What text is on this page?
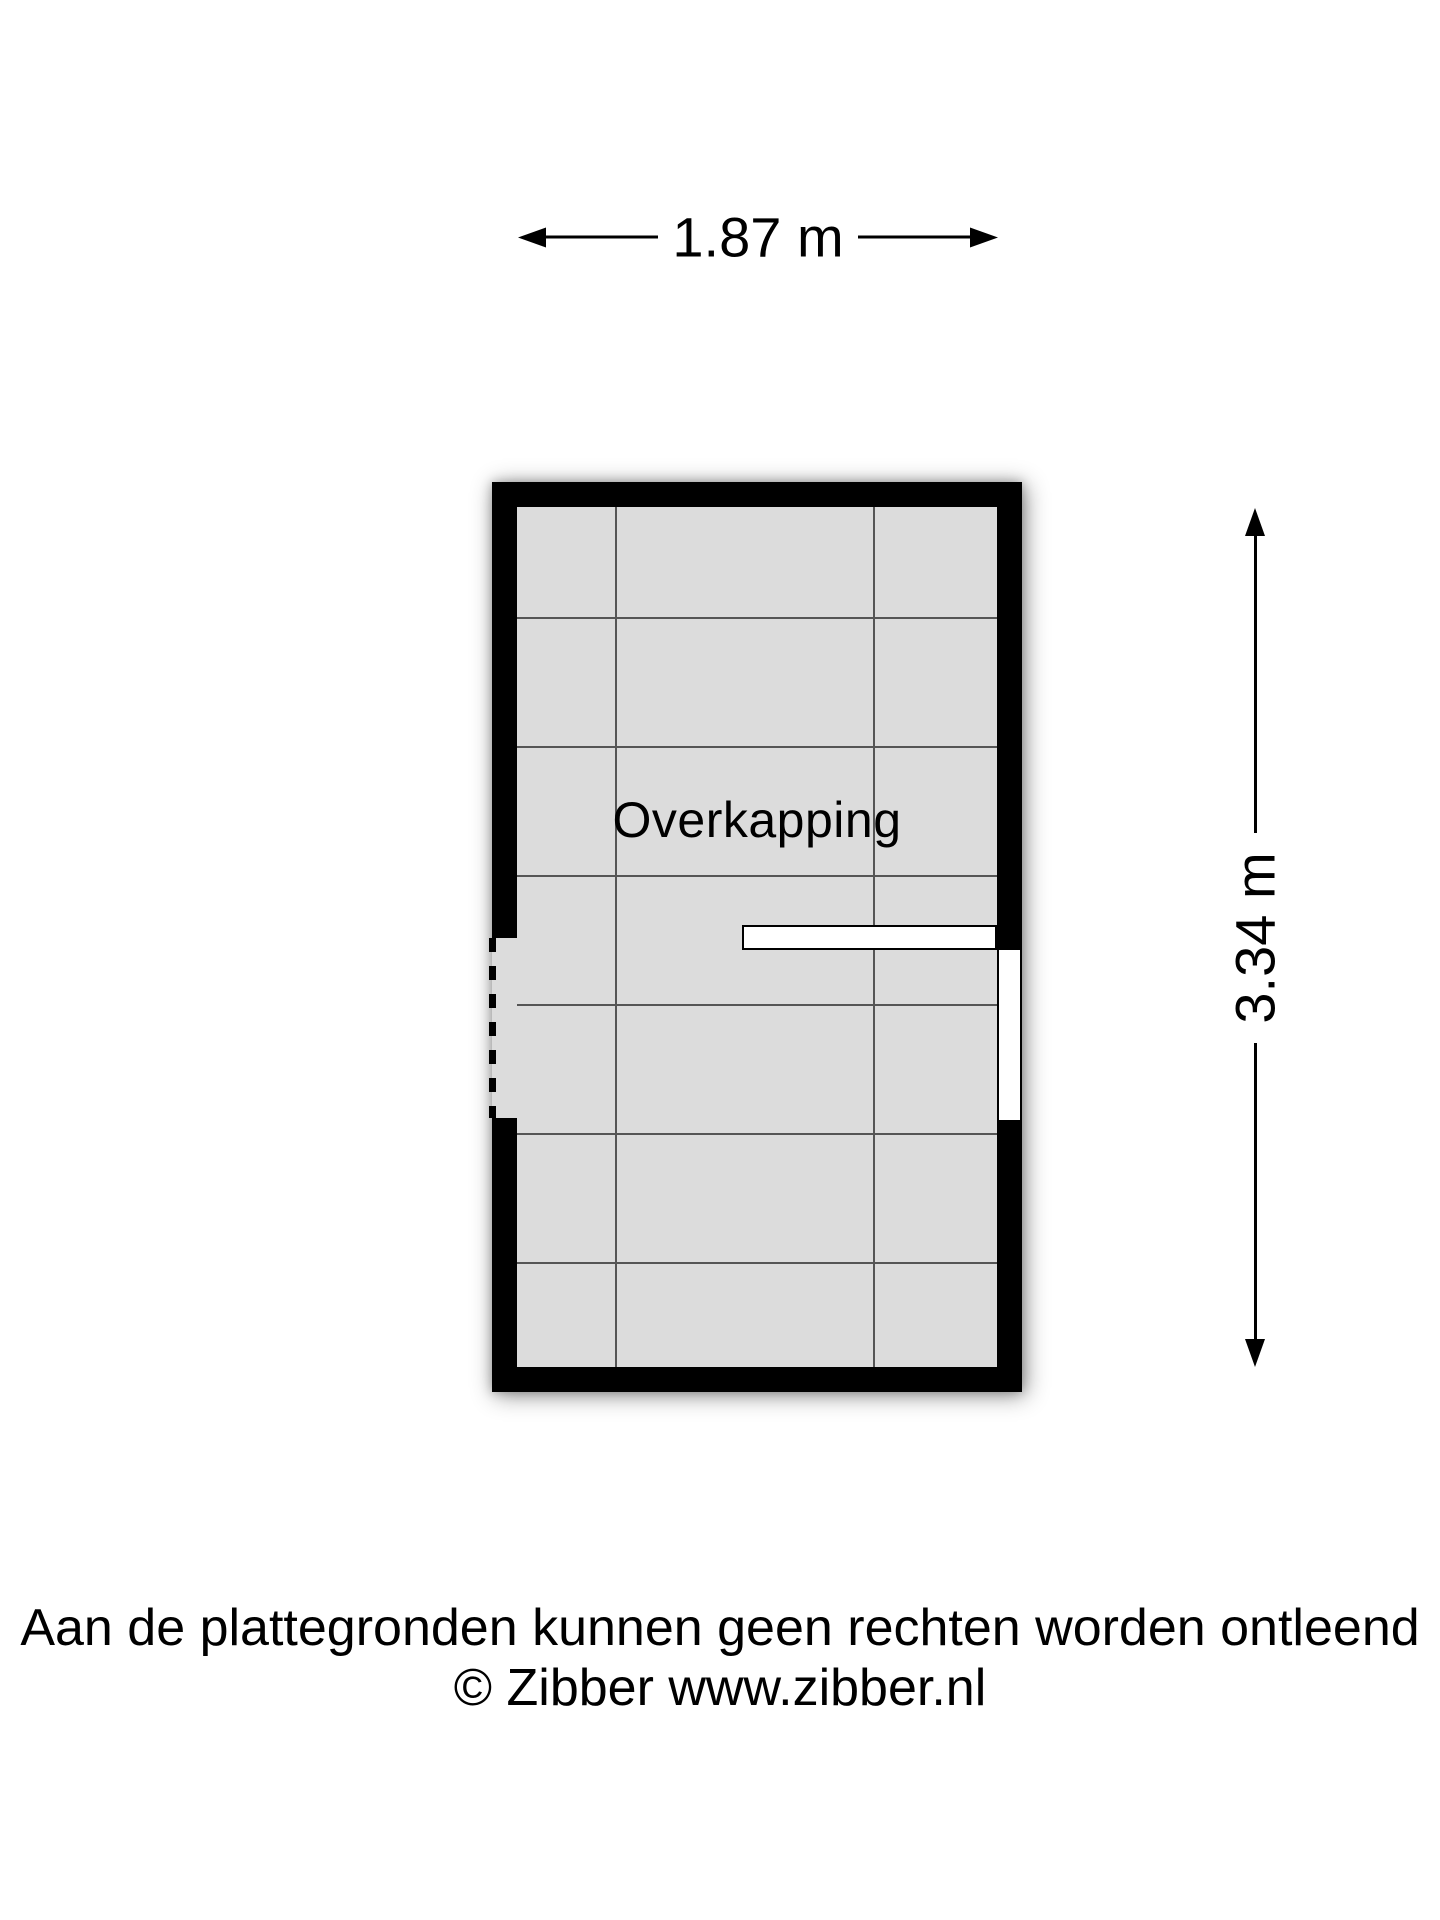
1.87 m
Overkapping
3.34 m
Aan de plattegronden kunnen geen rechten worden ontleend
© Zibber www.zibber.nl
